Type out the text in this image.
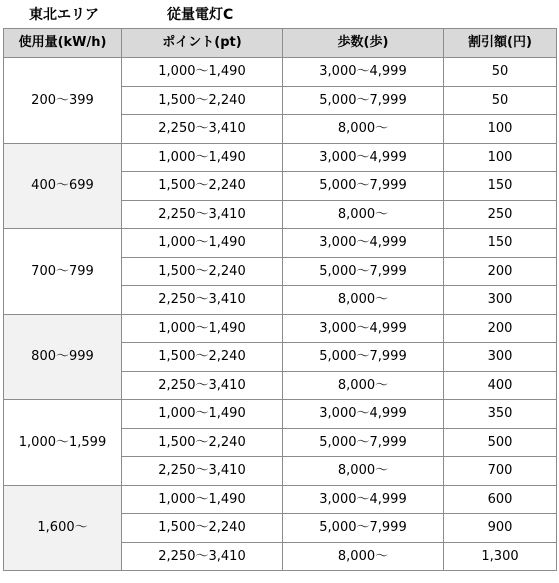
東北エリア	従量電灯C
使用量(kW/h)	ポイント(pt)	歩数(歩)	割引額(円)
200～399	1,000～1,490	3,000～4,999	50
	1,500～2,240	5,000～7,999	50
	2,250～3,410	8,000～	100
400～699	1,000～1,490	3,000～4,999	100
	1,500～2,240	5,000～7,999	150
	2,250～3,410	8,000～	250
700～799	1,000～1,490	3,000～4,999	150
	1,500～2,240	5,000～7,999	200
	2,250～3,410	8,000～	300
800～999	1,000～1,490	3,000～4,999	200
	1,500～2,240	5,000～7,999	300
	2,250～3,410	8,000～	400
1,000～1,599	1,000～1,490	3,000～4,999	350
	1,500～2,240	5,000～7,999	500
	2,250～3,410	8,000～	700
1,600～	1,000～1,490	3,000～4,999	600
	1,500～2,240	5,000～7,999	900
	2,250～3,410	8,000～	1,300
